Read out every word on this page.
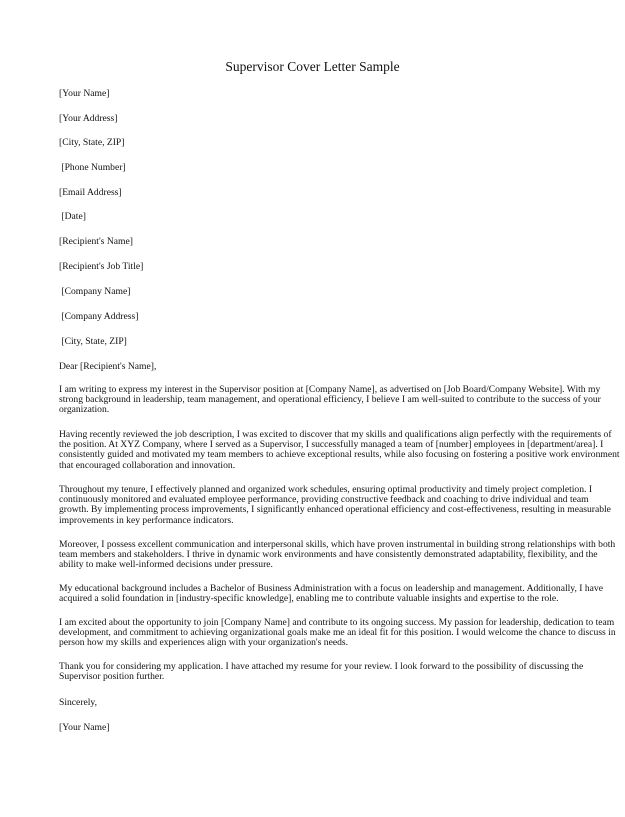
Supervisor Cover Letter Sample
[Your Name]
[Your Address]
[City, State, ZIP]
[Phone Number]
[Email Address]
[Date]
[Recipient's Name]
[Recipient's Job Title]
[Company Name]
[Company Address]
[City, State, ZIP]
Dear [Recipient's Name],
I am writing to express my interest in the Supervisor position at [Company Name], as advertised on [Job Board/Company Website]. With my
strong background in leadership, team management, and operational efficiency, I believe I am well-suited to contribute to the success of your
organization.
Having recently reviewed the job description, I was excited to discover that my skills and qualifications align perfectly with the requirements of
the position. At XYZ Company, where I served as a Supervisor, I successfully managed a team of [number] employees in [department/area]. I
consistently guided and motivated my team members to achieve exceptional results, while also focusing on fostering a positive work environment
that encouraged collaboration and innovation.
Throughout my tenure, I effectively planned and organized work schedules, ensuring optimal productivity and timely project completion. I
continuously monitored and evaluated employee performance, providing constructive feedback and coaching to drive individual and team
growth. By implementing process improvements, I significantly enhanced operational efficiency and cost-effectiveness, resulting in measurable
improvements in key performance indicators.
Moreover, I possess excellent communication and interpersonal skills, which have proven instrumental in building strong relationships with both
team members and stakeholders. I thrive in dynamic work environments and have consistently demonstrated adaptability, flexibility, and the
ability to make well-informed decisions under pressure.
My educational background includes a Bachelor of Business Administration with a focus on leadership and management. Additionally, I have
acquired a solid foundation in [industry-specific knowledge], enabling me to contribute valuable insights and expertise to the role.
I am excited about the opportunity to join [Company Name] and contribute to its ongoing success. My passion for leadership, dedication to team
development, and commitment to achieving organizational goals make me an ideal fit for this position. I would welcome the chance to discuss in
person how my skills and experiences align with your organization's needs.
Thank you for considering my application. I have attached my resume for your review. I look forward to the possibility of discussing the
Supervisor position further.
Sincerely,
[Your Name]
